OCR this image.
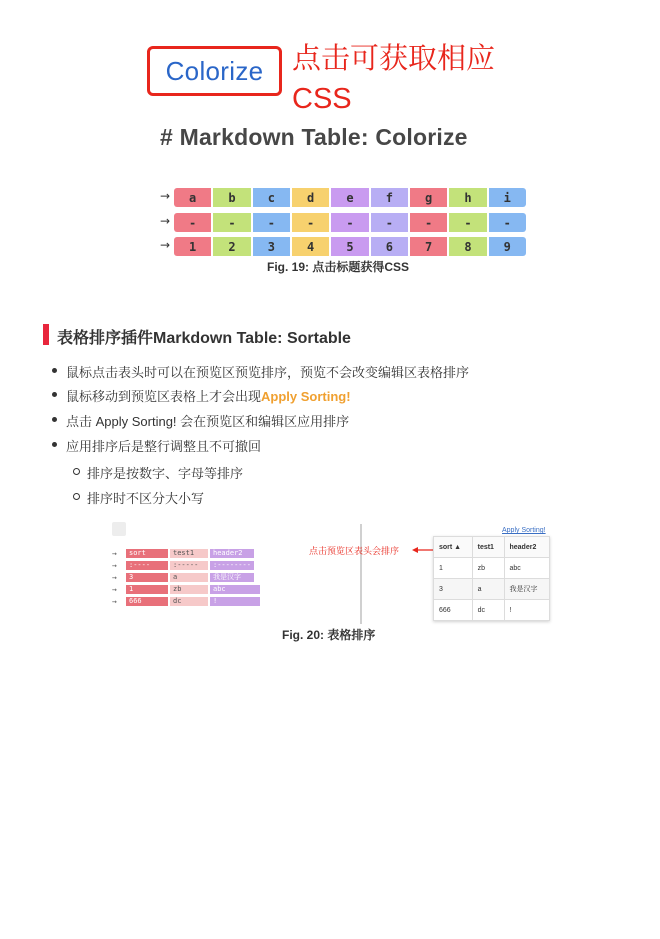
Colorize 点击可获取相应
CSS
# Markdown Table: Colorize
→	a	b	c	d	e	f	g	h	i
→	-	-	-	-	-	-	-	-	-
→	1	2	3	4	5	6	7	8	9
Fig. 19: 点击标题获得CSS
表格排序插件Markdown Table: Sortable
鼠标点击表头时可以在预览区预览排序，预览不会改变编辑区表格排序
鼠标移动到预览区表格上才会出现Apply Sorting!
点击 Apply Sorting! 会在预览区和编辑区应用排序
应用排序后是整行调整且不可撤回
排序是按数字、字母等排序
排序时不区分大小写
→	sort	test1	header2
→	:----	:-----	:--------
→	3	a	我是汉字
→	1	zb	abc
→	666	dc	!
点击预览区表头会排序
Apply Sorting!
sort ▲	test1	header2
1	zb	abc
3	a	我是汉字
666	dc	!
Fig. 20: 表格排序
